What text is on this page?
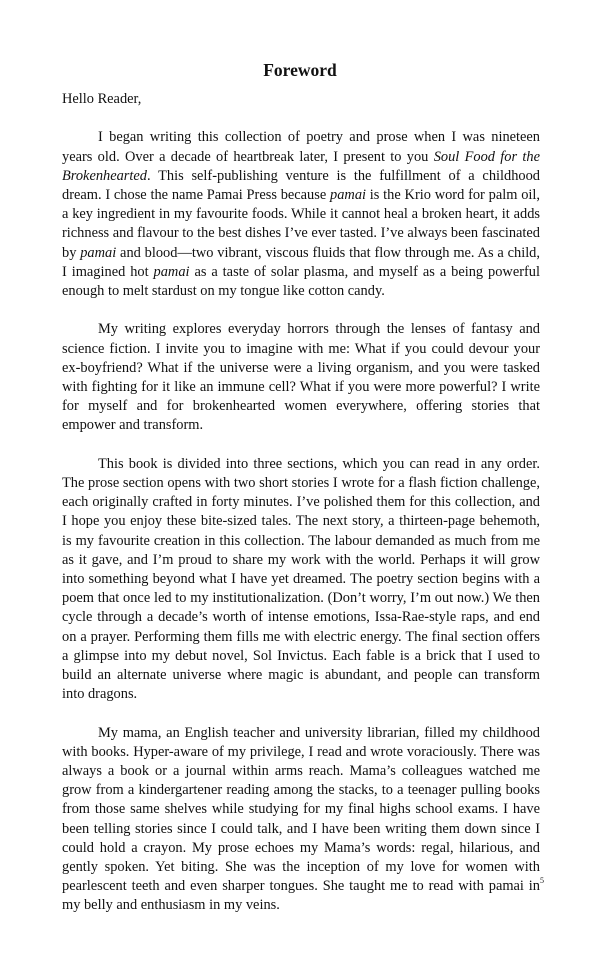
Foreword

Hello Reader,

I began writing this collection of poetry and prose when I was nineteen years old. Over a decade of heartbreak later, I present to you Soul Food for the Brokenhearted. This self-publishing venture is the fulfillment of a childhood dream. I chose the name Pamai Press because pamai is the Krio word for palm oil, a key ingredient in my favourite foods. While it cannot heal a broken heart, it adds richness and flavour to the best dishes I’ve ever tasted. I’ve always been fascinated by pamai and blood—two vibrant, viscous fluids that flow through me. As a child, I imagined hot pamai as a taste of solar plasma, and myself as a being powerful enough to melt stardust on my tongue like cotton candy.

My writing explores everyday horrors through the lenses of fantasy and science fiction. I invite you to imagine with me: What if you could devour your ex-boyfriend? What if the universe were a living organism, and you were tasked with fighting for it like an immune cell? What if you were more powerful? I write for myself and for brokenhearted women everywhere, offering stories that empower and transform.

This book is divided into three sections, which you can read in any order. The prose section opens with two short stories I wrote for a flash fiction challenge, each originally crafted in forty minutes. I’ve polished them for this collection, and I hope you enjoy these bite-sized tales. The next story, a thirteen-page behemoth, is my favourite creation in this collection. The labour demanded as much from me as it gave, and I’m proud to share my work with the world. Perhaps it will grow into something beyond what I have yet dreamed. The poetry section begins with a poem that once led to my institutionalization. (Don’t worry, I’m out now.) We then cycle through a decade’s worth of intense emotions, Issa-Rae-style raps, and end on a prayer. Performing them fills me with electric energy. The final section offers a glimpse into my debut novel, Sol Invictus. Each fable is a brick that I used to build an alternate universe where magic is abundant, and people can transform into dragons.

My mama, an English teacher and university librarian, filled my childhood with books. Hyper-aware of my privilege, I read and wrote voraciously. There was always a book or a journal within arms reach. Mama’s colleagues watched me grow from a kindergartener reading among the stacks, to a teenager pulling books from those same shelves while studying for my final highs school exams. I have been telling stories since I could talk, and I have been writing them down since I could hold a crayon. My prose echoes my Mama’s words: regal, hilarious, and gently spoken. Yet biting. She was the inception of my love for women with pearlescent teeth and even sharper tongues. She taught me to read with pamai in my belly and enthusiasm in my veins.

5
